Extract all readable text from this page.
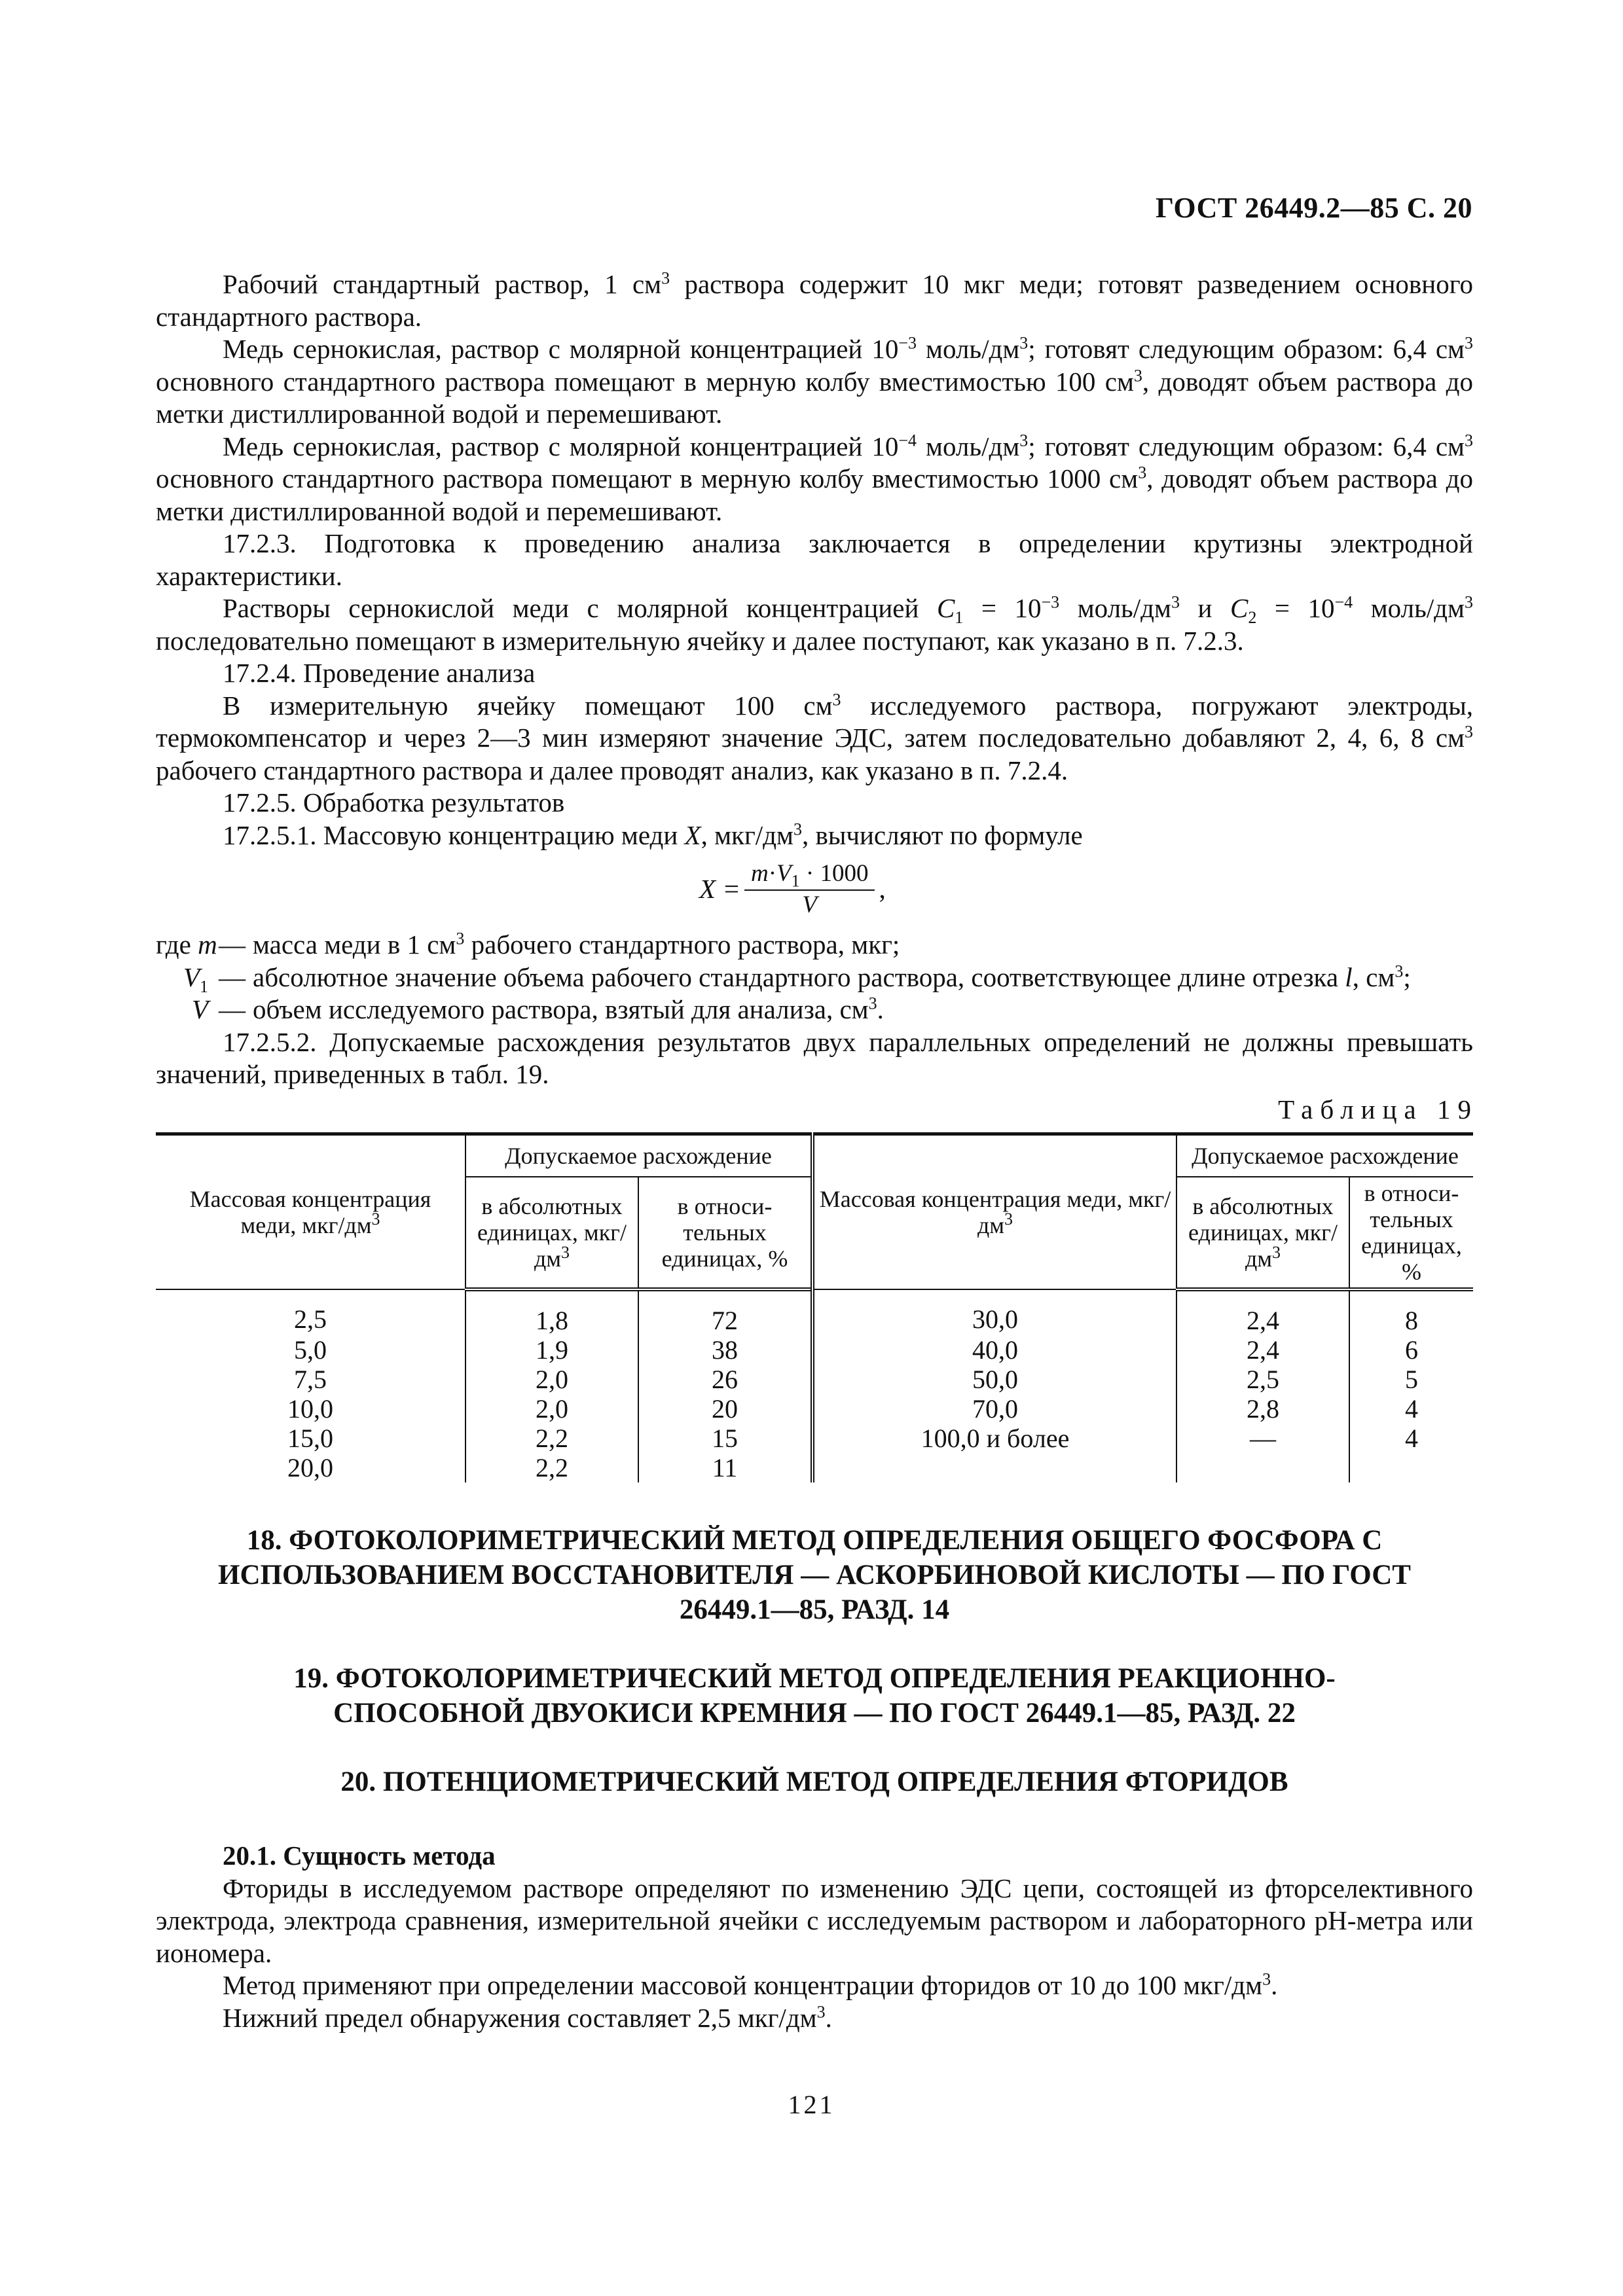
ГОСТ 26449.2—85 С. 20

Рабочий стандартный раствор, 1 $см^3$ раствора содержит 10 мкг меди; готовят разведением основного стандартного раствора.

Медь сернокислая, раствор с молярной концентрацией $10^{-3}$ моль/$дм^3$; готовят следующим образом: 6,4 $см^3$ основного стандартного раствора помещают в мерную колбу вместимостью 100 $см^3$, доводят объем раствора до метки дистиллированной водой и перемешивают.

Медь сернокислая, раствор с молярной концентрацией $10^{-4}$ моль/$дм^3$; готовят следующим образом: 6,4 $см^3$ основного стандартного раствора помещают в мерную колбу вместимостью 1000 $см^3$, доводят объем раствора до метки дистиллированной водой и перемешивают.

17.2.3. Подготовка к проведению анализа заключается в определении крутизны электродной характеристики.

Растворы сернокислой меди с молярной концентрацией $C_1 = 10^{-3}$ моль/$дм^3$ и $C_2 = 10^{-4}$ моль/$дм^3$ последовательно помещают в измерительную ячейку и далее поступают, как указано в п. 7.2.3.

17.2.4. Проведение анализа

В измерительную ячейку помещают 100 $см^3$ исследуемого раствора, погружают электроды, термокомпенсатор и через 2—3 мин измеряют значение ЭДС, затем последовательно добавляют 2, 4, 6, 8 $см^3$ рабочего стандартного раствора и далее проводят анализ, как указано в п. 7.2.4.

17.2.5. Обработка результатов

17.2.5.1. Массовую концентрацию меди X, мкг/$дм^3$, вычисляют по формуле

$X = \frac{m\cdot V_1 \cdot 1000}{V}$ ,
где m — масса меди в 1 $см^3$ рабочего стандартного раствора, мкг;
$V_1$ — абсолютное значение объема рабочего стандартного раствора, соответствующее длине отрезка l, $см^3$;
V — объем исследуемого раствора, взятый для анализа, $см^3$.

17.2.5.2. Допускаемые расхождения результатов двух параллельных определений не должны превышать значений, приведенных в табл. 19.

Таблица 19
Массовая концентрация меди, мкг/$дм^3$	Допускаемое расхождение		Массовая концентрация меди, мкг/$дм^3$	Допускаемое расхождение	
	в абсолютных единицах, мкг/$дм^3$	в относи-тельных единицах, %		в абсолютных единицах, мкг/$дм^3$	в относи-тельных единицах, %
2,5	1,8	72	30,0	2,4	8
5,0	1,9	38	40,0	2,4	6
7,5	2,0	26	50,0	2,5	5
10,0	2,0	20	70,0	2,8	4
15,0	2,2	15	100,0 и более	—	4
20,0	2,2	11			
18. ФОТОКОЛОРИМЕТРИЧЕСКИЙ МЕТОД ОПРЕДЕЛЕНИЯ ОБЩЕГО ФОСФОРА С ИСПОЛЬЗОВАНИЕМ ВОССТАНОВИТЕЛЯ — АСКОРБИНОВОЙ КИСЛОТЫ — ПО ГОСТ 26449.1—85, РАЗД. 14
19. ФОТОКОЛОРИМЕТРИЧЕСКИЙ МЕТОД ОПРЕДЕЛЕНИЯ РЕАКЦИОННО-СПОСОБНОЙ ДВУОКИСИ КРЕМНИЯ — ПО ГОСТ 26449.1—85, РАЗД. 22
20. ПОТЕНЦИОМЕТРИЧЕСКИЙ МЕТОД ОПРЕДЕЛЕНИЯ ФТОРИДОВ

20.1. Сущность метода

Фториды в исследуемом растворе определяют по изменению ЭДС цепи, состоящей из фторселективного электрода, электрода сравнения, измерительной ячейки с исследуемым раствором и лабораторного рН-метра или иономера.

Метод применяют при определении массовой концентрации фторидов от 10 до 100 мкг/$дм^3$.

Нижний предел обнаружения составляет 2,5 мкг/$дм^3$.

121
